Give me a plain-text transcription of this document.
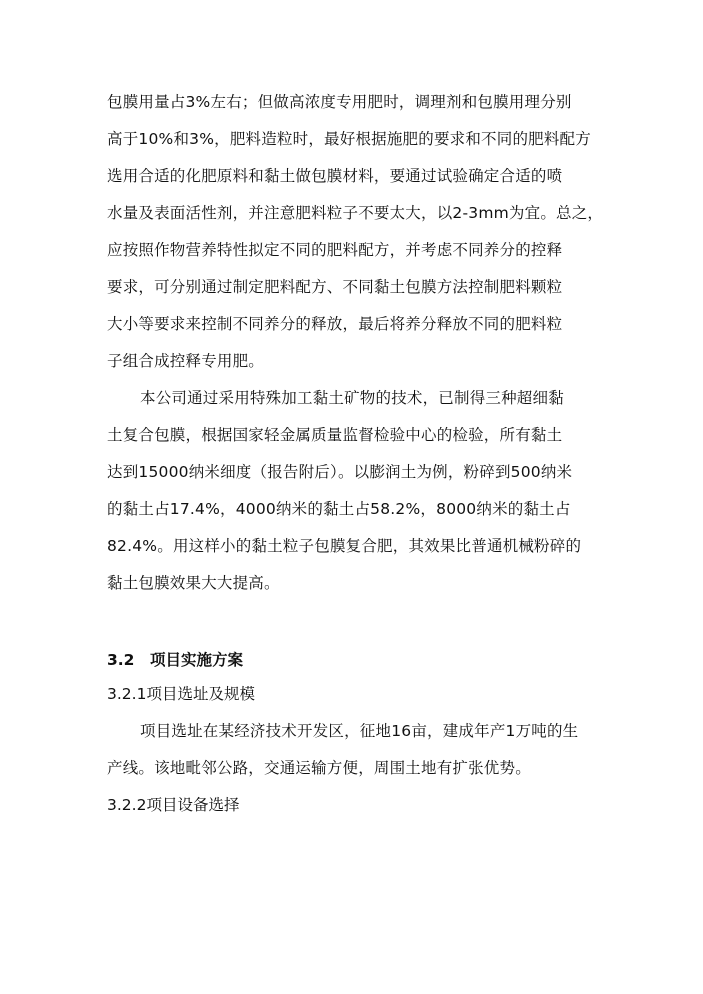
包膜用量占3%左右；但做高浓度专用肥时，调理剂和包膜用理分别
高于10%和3%，肥料造粒时，最好根据施肥的要求和不同的肥料配方
选用合适的化肥原料和黏土做包膜材料，要通过试验确定合适的喷
水量及表面活性剂，并注意肥料粒子不要太大，以2-3mm为宜。总之，
应按照作物营养特性拟定不同的肥料配方，并考虑不同养分的控释
要求，可分别通过制定肥料配方、不同黏土包膜方法控制肥料颗粒
大小等要求来控制不同养分的释放，最后将养分释放不同的肥料粒
子组合成控释专用肥。
本公司通过采用特殊加工黏土矿物的技术，已制得三种超细黏
土复合包膜，根据国家轻金属质量监督检验中心的检验，所有黏土
达到15000纳米细度（报告附后）。以膨润土为例，粉碎到500纳米
的黏土占17.4%，4000纳米的黏土占58.2%，8000纳米的黏土占
82.4%。用这样小的黏土粒子包膜复合肥，其效果比普通机械粉碎的
黏土包膜效果大大提高。
3.2　项目实施方案
3.2.1项目选址及规模
项目选址在某经济技术开发区，征地16亩，建成年产1万吨的生
产线。该地毗邻公路，交通运输方便，周围土地有扩张优势。
3.2.2项目设备选择
